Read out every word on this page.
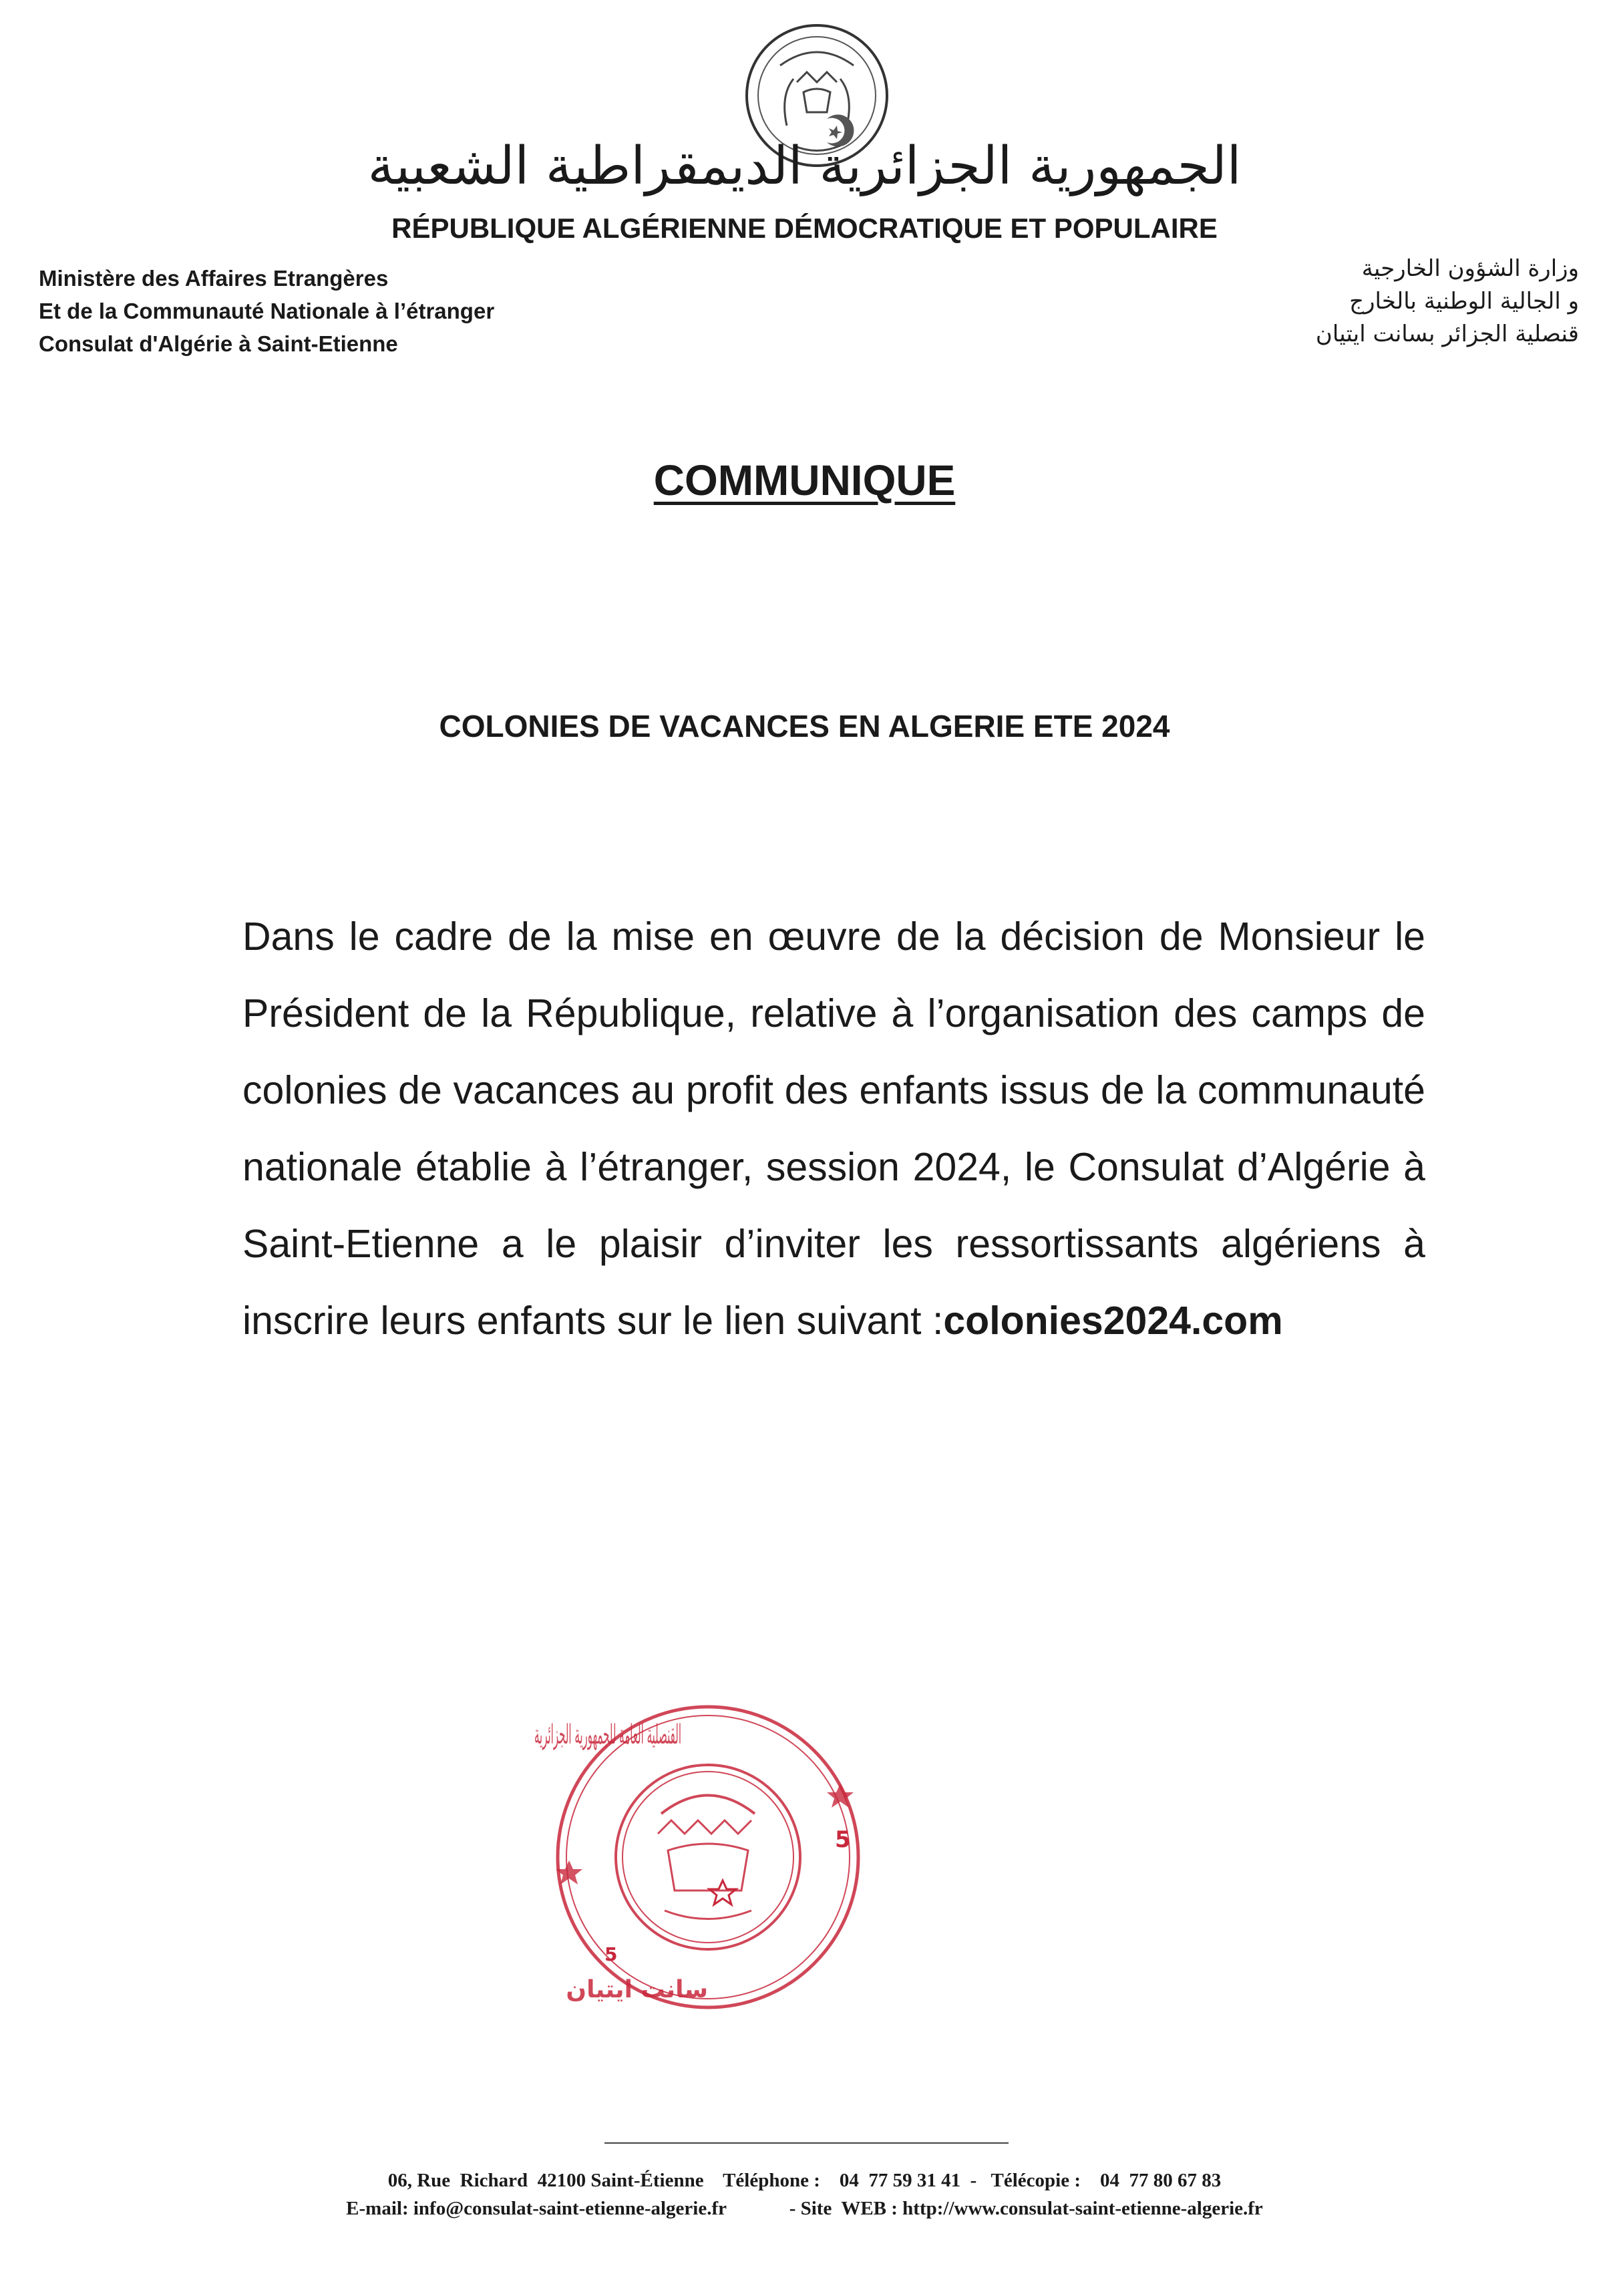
الجمهورية الجزائرية الديمقراطية الشعبية
RÉPUBLIQUE ALGÉRIENNE DÉMOCRATIQUE ET POPULAIRE
Ministère des Affaires Etrangères
Et de la Communauté Nationale à l’étranger
Consulat d'Algérie à Saint-Etienne
وزارة الشؤون الخارجية
و الجالية الوطنية بالخارج
قنصلية الجزائر بسانت ايتيان
COMMUNIQUE
COLONIES DE VACANCES EN ALGERIE ETE 2024
Dans le cadre de la mise en œuvre de la décision de Monsieur le Président de la République, relative à l’organisation des camps de colonies de vacances au profit des enfants issus de la communauté nationale établie à l’étranger, session 2024, le Consulat d’Algérie à Saint-Etienne a le plaisir d’inviter les ressortissants algériens à inscrire leurs enfants sur le lien suivant :colonies2024.com
5
5
القنصلية العامة للجمهورية الجزائرية
سانت ايتيان
06, Rue  Richard  42100 Saint-Étienne    Téléphone :    04  77 59 31 41  -   Télécopie :    04  77 80 67 83
E-mail: info@consulat-saint-etienne-algerie.fr             - Site  WEB : http://www.consulat-saint-etienne-algerie.fr
